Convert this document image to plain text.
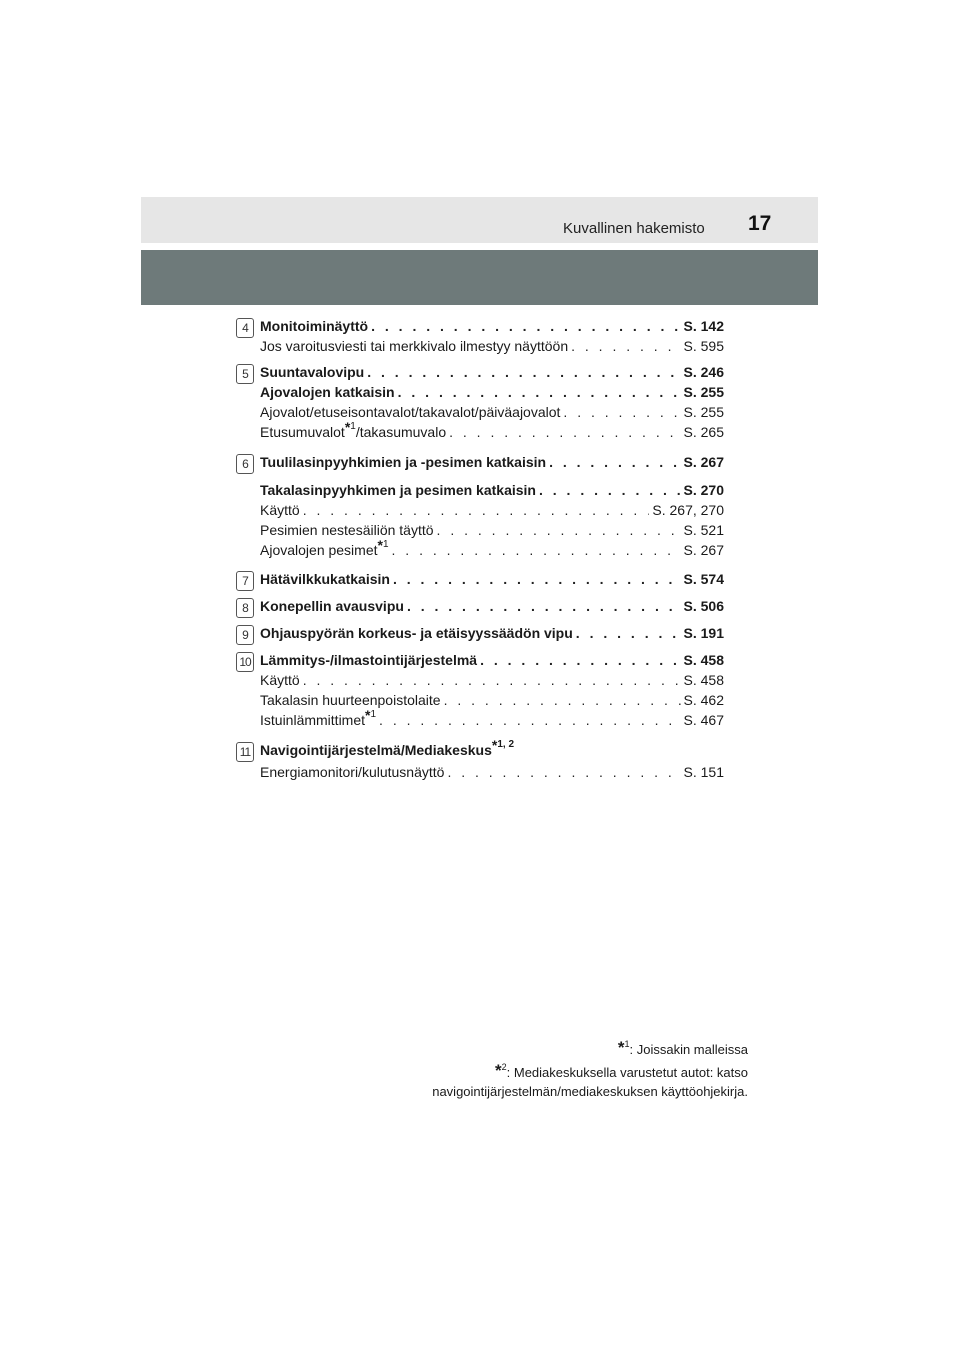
Kuvallinen hakemisto 17
4 Monitoiminäyttö . . .	S. 142
Jos varoitusviesti tai merkkivalo ilmestyy näyttöön . . .	S. 595
5 Suuntavalovipu . . .	S. 246
Ajovalojen katkaisin . . .	S. 255
Ajovalot/etuseisontavalot/takavalot/päiväajovalot . . .	S. 255
Etusumuvalot*$^1$/takasumuvalo . . .	S. 265
6 Tuulilasinpyyhkimien ja -pesimen katkaisin . . .	S. 267
Takalasinpyyhkimen ja pesimen katkaisin . . .	S. 270
Käyttö . . .	S. 267, 270
Pesimien nestesäiliön täyttö . . .	S. 521
Ajovalojen pesimet*$^1$ . . .	S. 267
7 Hätävilkkukatkaisin . . .	S. 574
8 Konepellin avausvipu . . .	S. 506
9 Ohjauspyörän korkeus- ja etäisyyssäädön vipu . . .	S. 191
10 Lämmitys-/ilmastointijärjestelmä . . .	S. 458
Käyttö . . .	S. 458
Takalasin huurteenpoistolaite . . .	S. 462
Istuinlämmittimet*$^1$ . . .	S. 467
11 Navigointijärjestelmä/Mediakeskus*$^{1, 2}$
Energiamonitori/kulutusnäyttö . . .	S. 151
*$^1$: Joissakin malleissa
*$^2$: Mediakeskuksella varustetut autot: katso
navigointijärjestelmän/mediakeskuksen käyttöohjekirja.
